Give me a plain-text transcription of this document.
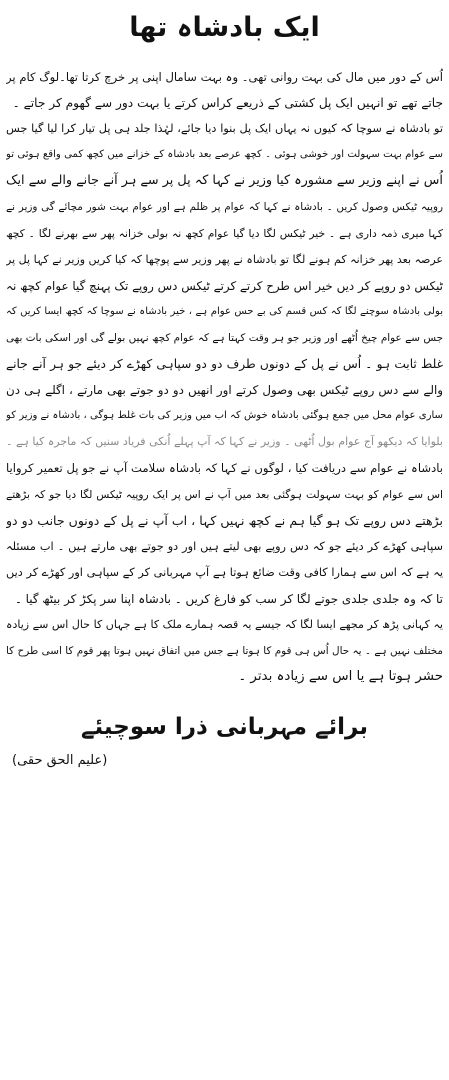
ایک بادشاہ تھا
اُس کے دور میں مال کی بہت روانی تھی۔ وہ بہت سامال اپنی پر خرچ کرتا تھا۔لوگ کام پر
جاتے تھے تو انہیں ایک پل کشتی کے ذریعے کراس کرتے یا بہت دور سے گھوم کر جاتے ۔
تو بادشاہ نے سوچا کہ کیوں نہ یہاں ایک پل بنوا دیا جائے، لہٰذا جلد ہی پل تیار کرا لیا گیا جس
سے عوام بہت سہولت اور خوشی ہوئی ۔ کچھ عرصے بعد بادشاہ کے خزانے میں کچھ کمی واقع ہوئی تو
اُس نے اپنے وزیر سے مشورہ کیا وزیر نے کہا کہ پل پر سے ہر آنے جانے والے سے ایک
روپیہ ٹیکس وصول کریں ۔ بادشاہ نے کہا کہ عوام پر ظلم ہے اور عوام بہت شور مچائے گی وزیر نے
کہا میری ذمہ داری ہے ۔ خیر ٹیکس لگا دیا گیا عوام کچھ نہ بولی خزانہ پھر سے بھرنے لگا ۔ کچھ
عرصہ بعد پھر خزانہ کم ہونے لگا تو بادشاہ نے پھر وزیر سے پوچھا کہ کیا کریں وزیر نے کہا پل پر
ٹیکس دو روپے کر دیں خیر اس طرح کرتے کرتے ٹیکس دس روپے تک پہنچ گیا عوام کچھ نہ
بولی بادشاہ سوچنے لگا کہ کس قسم کی بے حس عوام ہے ، خیر بادشاہ نے سوچا کہ کچھ ایسا کریں کہ
جس سے عوام چیخ اُٹھے اور وزیر جو ہر وقت کہتا ہے کہ عوام کچھ نہیں بولے گی اور اسکی بات بھی
غلط ثابت ہو ۔ اُس نے پل کے دونوں طرف دو دو سپاہی کھڑے کر دیئے جو ہر آنے جانے
والے سے دس روپے ٹیکس بھی وصول کرتے اور انھیں دو دو جوتے بھی مارتے ، اگلے ہی دن
ساری عوام محل میں جمع ہوگئی بادشاہ خوش کہ اب میں وزیر کی بات غلط ہوگی ، بادشاہ نے وزیر کو
بلوایا کہ دیکھو آج عوام بول اُٹھی ۔ وزیر نے کہا کہ آپ پہلے اُنکی فریاد سنیں کہ ماجرہ کیا ہے ۔
بادشاہ نے عوام سے دریافت کیا ، لوگوں نے کہا کہ بادشاہ سلامت آپ نے جو پل تعمیر کروایا
اس سے عوام کو بہت سہولت ہوگئی بعد میں آپ نے اس پر ایک روپیہ ٹیکس لگا دیا جو کہ بڑھتے
بڑھتے دس روپے تک ہو گیا ہم نے کچھ نہیں کہا ، اب آپ نے پل کے دونوں جانب دو دو
سپاہی کھڑے کر دیئے جو کہ دس روپے بھی لیتے ہیں اور دو جوتے بھی مارتے ہیں ۔ اب مسئلہ
یہ ہے کہ اس سے ہمارا کافی وقت ضائع ہوتا ہے آپ مہربانی کر کے سپاہی اور کھڑے کر دیں
تا کہ وہ جلدی جلدی جوتے لگا کر سب کو فارغ کریں ۔ بادشاہ اپنا سر پکڑ کر بیٹھ گیا ۔
یہ کہانی پڑھ کر مجھے ایسا لگا کہ جیسے یہ قصہ ہمارے ملک کا ہے جہاں کا حال اس سے زیادہ
مختلف نہیں ہے ۔ یہ حال اُس ہی قوم کا ہوتا ہے جس میں اتفاق نہیں ہوتا پھر قوم کا اسی طرح کا
حشر ہوتا ہے یا اس سے زیادہ بدتر ۔
برائے مہربانی ذرا سوچیئے
(علیم الحق حقی)
